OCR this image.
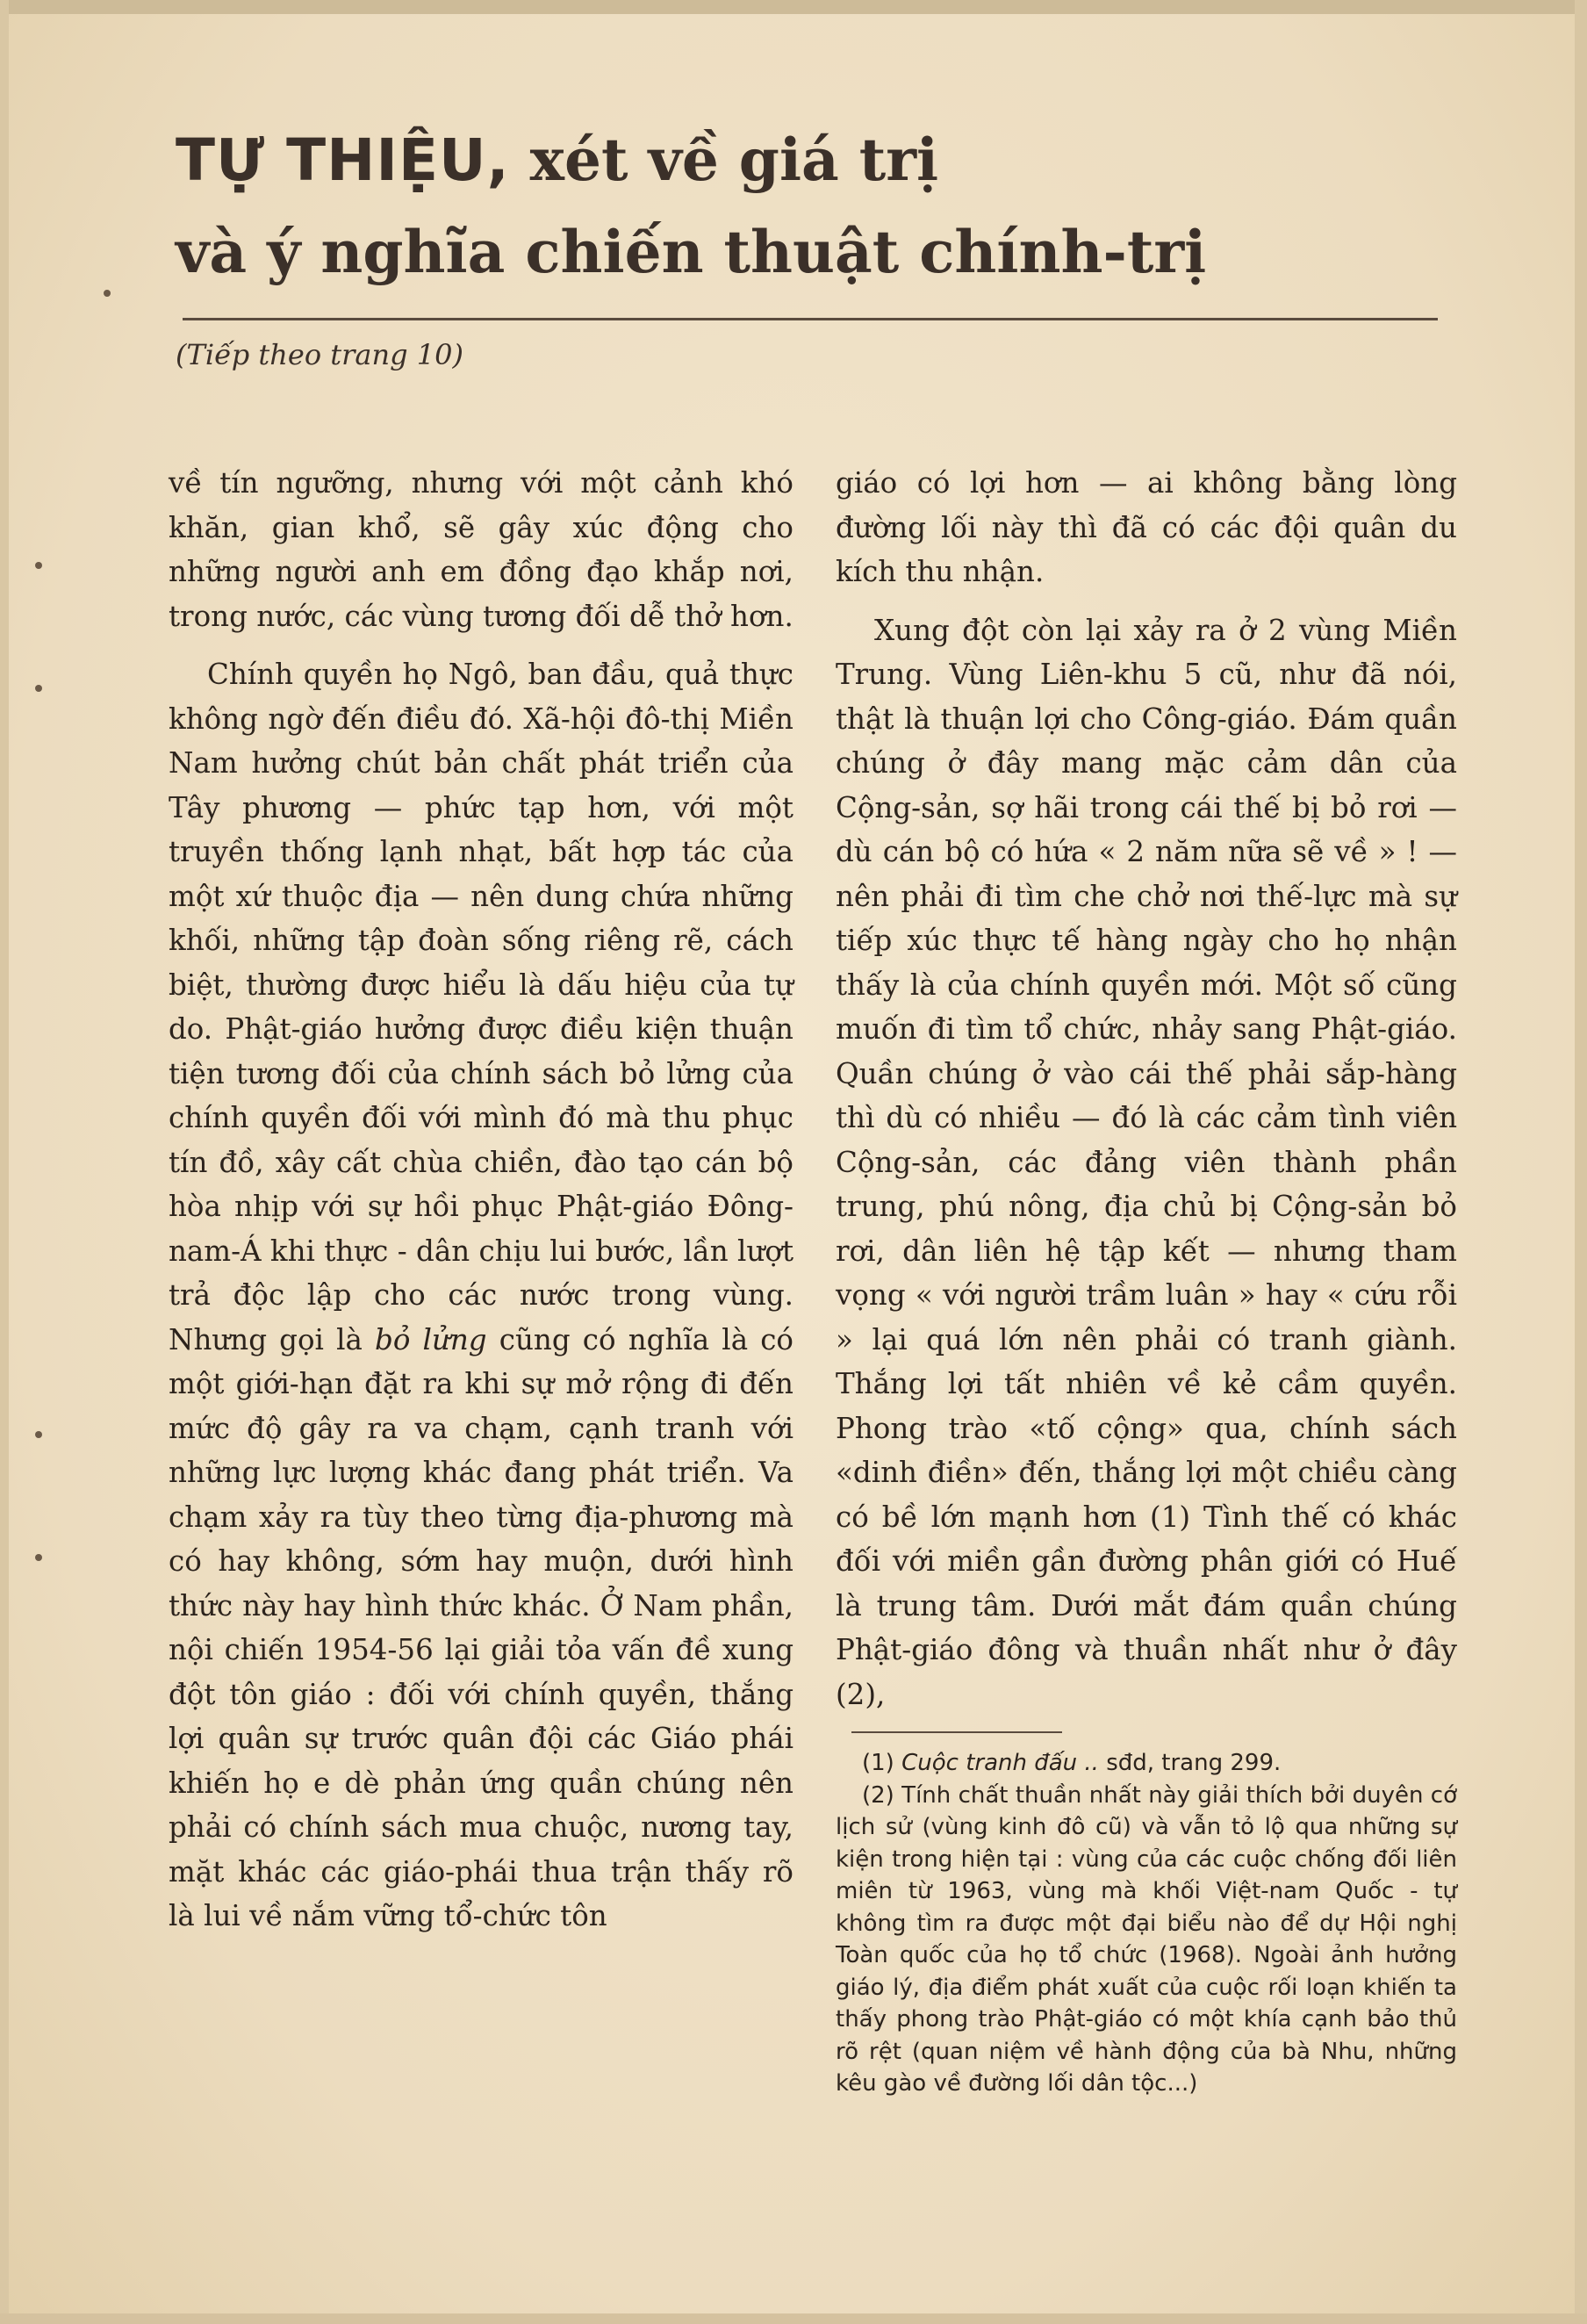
TỰ THIỆU, xét về giá trị
và ý nghĩa chiến thuật chính-trị
(Tiếp theo trang 10)

về tín ngưỡng, nhưng với một cảnh khó khăn, gian khổ, sẽ gây xúc động cho những người anh em đồng đạo khắp nơi, trong nước, các vùng tương đối dễ thở hơn.

Chính quyền họ Ngô, ban đầu, quả thực không ngờ đến điều đó. Xã-hội đô-thị Miền Nam hưởng chút bản chất phát triển của Tây phương — phức tạp hơn, với một truyền thống lạnh nhạt, bất hợp tác của một xứ thuộc địa — nên dung chứa những khối, những tập đoàn sống riêng rẽ, cách biệt, thường được hiểu là dấu hiệu của tự do. Phật-giáo hưởng được điều kiện thuận tiện tương đối của chính sách bỏ lửng của chính quyền đối với mình đó mà thu phục tín đồ, xây cất chùa chiền, đào tạo cán bộ hòa nhịp với sự hồi phục Phật-giáo Đông-nam-Á khi thực - dân chịu lui bước, lần lượt trả độc lập cho các nước trong vùng. Nhưng gọi là bỏ lửng cũng có nghĩa là có một giới-hạn đặt ra khi sự mở rộng đi đến mức độ gây ra va chạm, cạnh tranh với những lực lượng khác đang phát triển. Va chạm xảy ra tùy theo từng địa-phương mà có hay không, sớm hay muộn, dưới hình thức này hay hình thức khác. Ở Nam phần, nội chiến 1954-56 lại giải tỏa vấn đề xung đột tôn giáo : đối với chính quyền, thắng lợi quân sự trước quân đội các Giáo phái khiến họ e dè phản ứng quần chúng nên phải có chính sách mua chuộc, nương tay, mặt khác các giáo-phái thua trận thấy rõ là lui về nắm vững tổ-chức tôn

giáo có lợi hơn — ai không bằng lòng đường lối này thì đã có các đội quân du kích thu nhận.

Xung đột còn lại xảy ra ở 2 vùng Miền Trung. Vùng Liên-khu 5 cũ, như đã nói, thật là thuận lợi cho Công-giáo. Đám quần chúng ở đây mang mặc cảm dân của Cộng-sản, sợ hãi trong cái thế bị bỏ rơi — dù cán bộ có hứa « 2 năm nữa sẽ về » ! — nên phải đi tìm che chở nơi thế-lực mà sự tiếp xúc thực tế hàng ngày cho họ nhận thấy là của chính quyền mới. Một số cũng muốn đi tìm tổ chức, nhảy sang Phật-giáo. Quần chúng ở vào cái thế phải sắp-hàng thì dù có nhiều — đó là các cảm tình viên Cộng-sản, các đảng viên thành phần trung, phú nông, địa chủ bị Cộng-sản bỏ rơi, dân liên hệ tập kết — nhưng tham vọng « với người trầm luân » hay « cứu rỗi » lại quá lớn nên phải có tranh giành. Thắng lợi tất nhiên về kẻ cầm quyền. Phong trào «tố cộng» qua, chính sách «dinh điền» đến, thắng lợi một chiều càng có bề lớn mạnh hơn (1) Tình thế có khác đối với miền gần đường phân giới có Huế là trung tâm. Dưới mắt đám quần chúng Phật-giáo đông và thuần nhất như ở đây (2),

(1) Cuộc tranh đấu .. sđd, trang 299.

(2) Tính chất thuần nhất này giải thích bởi duyên cớ lịch sử (vùng kinh đô cũ) và vẫn tỏ lộ qua những sự kiện trong hiện tại : vùng của các cuộc chống đối liên miên từ 1963, vùng mà khối Việt-nam Quốc - tự không tìm ra được một đại biểu nào để dự Hội nghị Toàn quốc của họ tổ chức (1968). Ngoài ảnh hưởng giáo lý, địa điểm phát xuất của cuộc rối loạn khiến ta thấy phong trào Phật-giáo có một khía cạnh bảo thủ rõ rệt (quan niệm về hành động của bà Nhu, những kêu gào về đường lối dân tộc...)
